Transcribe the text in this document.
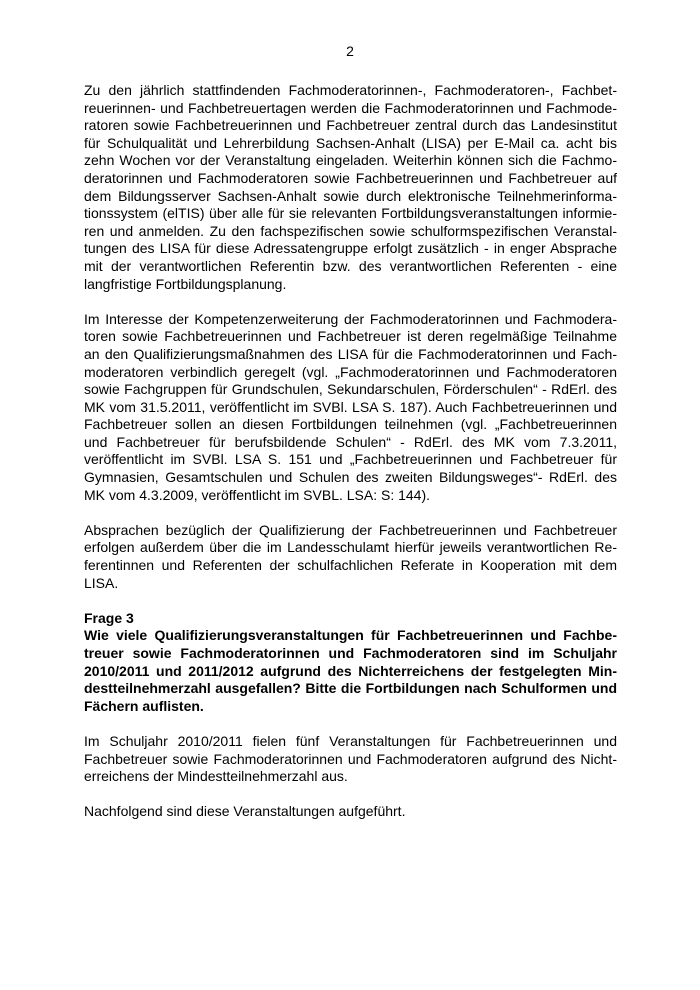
2

Zu den jährlich stattfindenden Fachmoderatorinnen-, Fachmoderatoren-, Fachbetreuerinnen- und Fachbetreuertagen werden die Fachmoderatorinnen und Fachmoderatoren sowie Fachbetreuerinnen und Fachbetreuer zentral durch das Landesinstitut für Schulqualität und Lehrerbildung Sachsen-Anhalt (LISA) per E-Mail ca. acht bis zehn Wochen vor der Veranstaltung eingeladen. Weiterhin können sich die Fachmoderatorinnen und Fachmoderatoren sowie Fachbetreuerinnen und Fachbetreuer auf dem Bildungsserver Sachsen-Anhalt sowie durch elektronische Teilnehmerinformationssystem (elTIS) über alle für sie relevanten Fortbildungsveranstaltungen informieren und anmelden. Zu den fachspezifischen sowie schulformspezifischen Veranstaltungen des LISA für diese Adressatengruppe erfolgt zusätzlich - in enger Absprache mit der verantwortlichen Referentin bzw. des verantwortlichen Referenten - eine langfristige Fortbildungsplanung.

Im Interesse der Kompetenzerweiterung der Fachmoderatorinnen und Fachmoderatoren sowie Fachbetreuerinnen und Fachbetreuer ist deren regelmäßige Teilnahme an den Qualifizierungsmaßnahmen des LISA für die Fachmoderatorinnen und Fachmoderatoren verbindlich geregelt (vgl. „Fachmoderatorinnen und Fachmoderatoren sowie Fachgruppen für Grundschulen, Sekundarschulen, Förderschulen“ - RdErl. des MK vom 31.5.2011, veröffentlicht im SVBl. LSA S. 187). Auch Fachbetreuerinnen und Fachbetreuer sollen an diesen Fortbildungen teilnehmen (vgl. „Fachbetreuerinnen und Fachbetreuer für berufsbildende Schulen“ - RdErl. des MK vom 7.3.2011, veröffentlicht im SVBl. LSA S. 151 und „Fachbetreuerinnen und Fachbetreuer für Gymnasien, Gesamtschulen und Schulen des zweiten Bildungsweges“- RdErl. des MK vom 4.3.2009, veröffentlicht im SVBL. LSA: S: 144).

Absprachen bezüglich der Qualifizierung der Fachbetreuerinnen und Fachbetreuer erfolgen außerdem über die im Landesschulamt hierfür jeweils verantwortlichen Referentinnen und Referenten der schulfachlichen Referate in Kooperation mit dem LISA.

Frage 3

Wie viele Qualifizierungsveranstaltungen für Fachbetreuerinnen und Fachbetreuer sowie Fachmoderatorinnen und Fachmoderatoren sind im Schuljahr 2010/2011 und 2011/2012 aufgrund des Nichterreichens der festgelegten Mindestteilnehmerzahl ausgefallen? Bitte die Fortbildungen nach Schulformen und Fächern auflisten.

Im Schuljahr 2010/2011 fielen fünf Veranstaltungen für Fachbetreuerinnen und Fachbetreuer sowie Fachmoderatorinnen und Fachmoderatoren aufgrund des Nichterreichens der Mindestteilnehmerzahl aus.

Nachfolgend sind diese Veranstaltungen aufgeführt.
